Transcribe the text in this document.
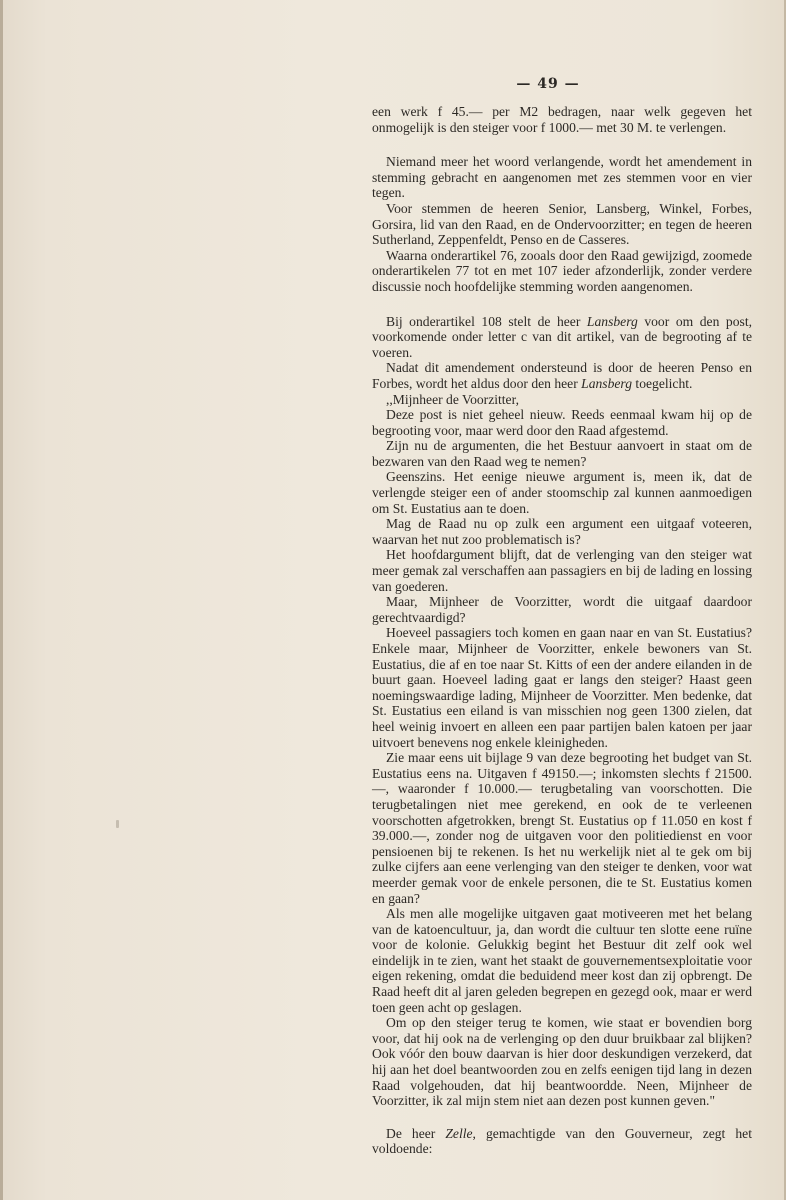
— 49 —

een werk f 45.— per M2 bedragen, naar welk gegeven het onmogelijk is den steiger voor f 1000.— met 30 M. te verlengen.

Niemand meer het woord verlangende, wordt het amendement in stemming gebracht en aangenomen met zes stemmen voor en vier tegen.

Voor stemmen de heeren Senior, Lansberg, Winkel, Forbes, Gorsira, lid van den Raad, en de Ondervoorzitter; en tegen de heeren Sutherland, Zeppenfeldt, Penso en de Casseres.

Waarna onderartikel 76, zooals door den Raad gewijzigd, zoomede onderartikelen 77 tot en met 107 ieder afzonderlijk, zonder verdere discussie noch hoofdelijke stemming worden aangenomen.

Bij onderartikel 108 stelt de heer Lansberg voor om den post, voorkomende onder letter c van dit artikel, van de begrooting af te voeren.

Nadat dit amendement ondersteund is door de heeren Penso en Forbes, wordt het aldus door den heer Lansberg toegelicht.

,,Mijnheer de Voorzitter,

Deze post is niet geheel nieuw. Reeds eenmaal kwam hij op de begrooting voor, maar werd door den Raad afgestemd.

Zijn nu de argumenten, die het Bestuur aanvoert in staat om de bezwaren van den Raad weg te nemen?

Geenszins. Het eenige nieuwe argument is, meen ik, dat de verlengde steiger een of ander stoomschip zal kunnen aanmoedigen om St. Eustatius aan te doen.

Mag de Raad nu op zulk een argument een uitgaaf voteeren, waarvan het nut zoo problematisch is?

Het hoofdargument blijft, dat de verlenging van den steiger wat meer gemak zal verschaffen aan passagiers en bij de lading en lossing van goederen.

Maar, Mijnheer de Voorzitter, wordt die uitgaaf daardoor gerechtvaardigd?

Hoeveel passagiers toch komen en gaan naar en van St. Eustatius? Enkele maar, Mijnheer de Voorzitter, enkele bewoners van St. Eustatius, die af en toe naar St. Kitts of een der andere eilanden in de buurt gaan. Hoeveel lading gaat er langs den steiger? Haast geen noemingswaardige lading, Mijnheer de Voorzitter. Men bedenke, dat St. Eustatius een eiland is van misschien nog geen 1300 zielen, dat heel weinig invoert en alleen een paar partijen balen katoen per jaar uitvoert benevens nog enkele kleinigheden.

Zie maar eens uit bijlage 9 van deze begrooting het budget van St. Eustatius eens na. Uitgaven f 49150.—; inkomsten slechts f 21500.—, waaronder f 10.000.— terugbetaling van voorschotten. Die terugbetalingen niet mee gerekend, en ook de te verleenen voorschotten afgetrokken, brengt St. Eustatius op f 11.050 en kost f 39.000.—, zonder nog de uitgaven voor den politiedienst en voor pensioenen bij te rekenen. Is het nu werkelijk niet al te gek om bij zulke cijfers aan eene verlenging van den steiger te denken, voor wat meerder gemak voor de enkele personen, die te St. Eustatius komen en gaan?

Als men alle mogelijke uitgaven gaat motiveeren met het belang van de katoencultuur, ja, dan wordt die cultuur ten slotte eene ruïne voor de kolonie. Gelukkig begint het Bestuur dit zelf ook wel eindelijk in te zien, want het staakt de gouvernementsexploitatie voor eigen rekening, omdat die beduidend meer kost dan zij opbrengt. De Raad heeft dit al jaren geleden begrepen en gezegd ook, maar er werd toen geen acht op geslagen.

Om op den steiger terug te komen, wie staat er bovendien borg voor, dat hij ook na de verlenging op den duur bruikbaar zal blijken? Ook vóór den bouw daarvan is hier door deskundigen verzekerd, dat hij aan het doel beantwoorden zou en zelfs eenigen tijd lang in dezen Raad volgehouden, dat hij beantwoordde. Neen, Mijnheer de Voorzitter, ik zal mijn stem niet aan dezen post kunnen geven."

De heer Zelle, gemachtigde van den Gouverneur, zegt het voldoende:
